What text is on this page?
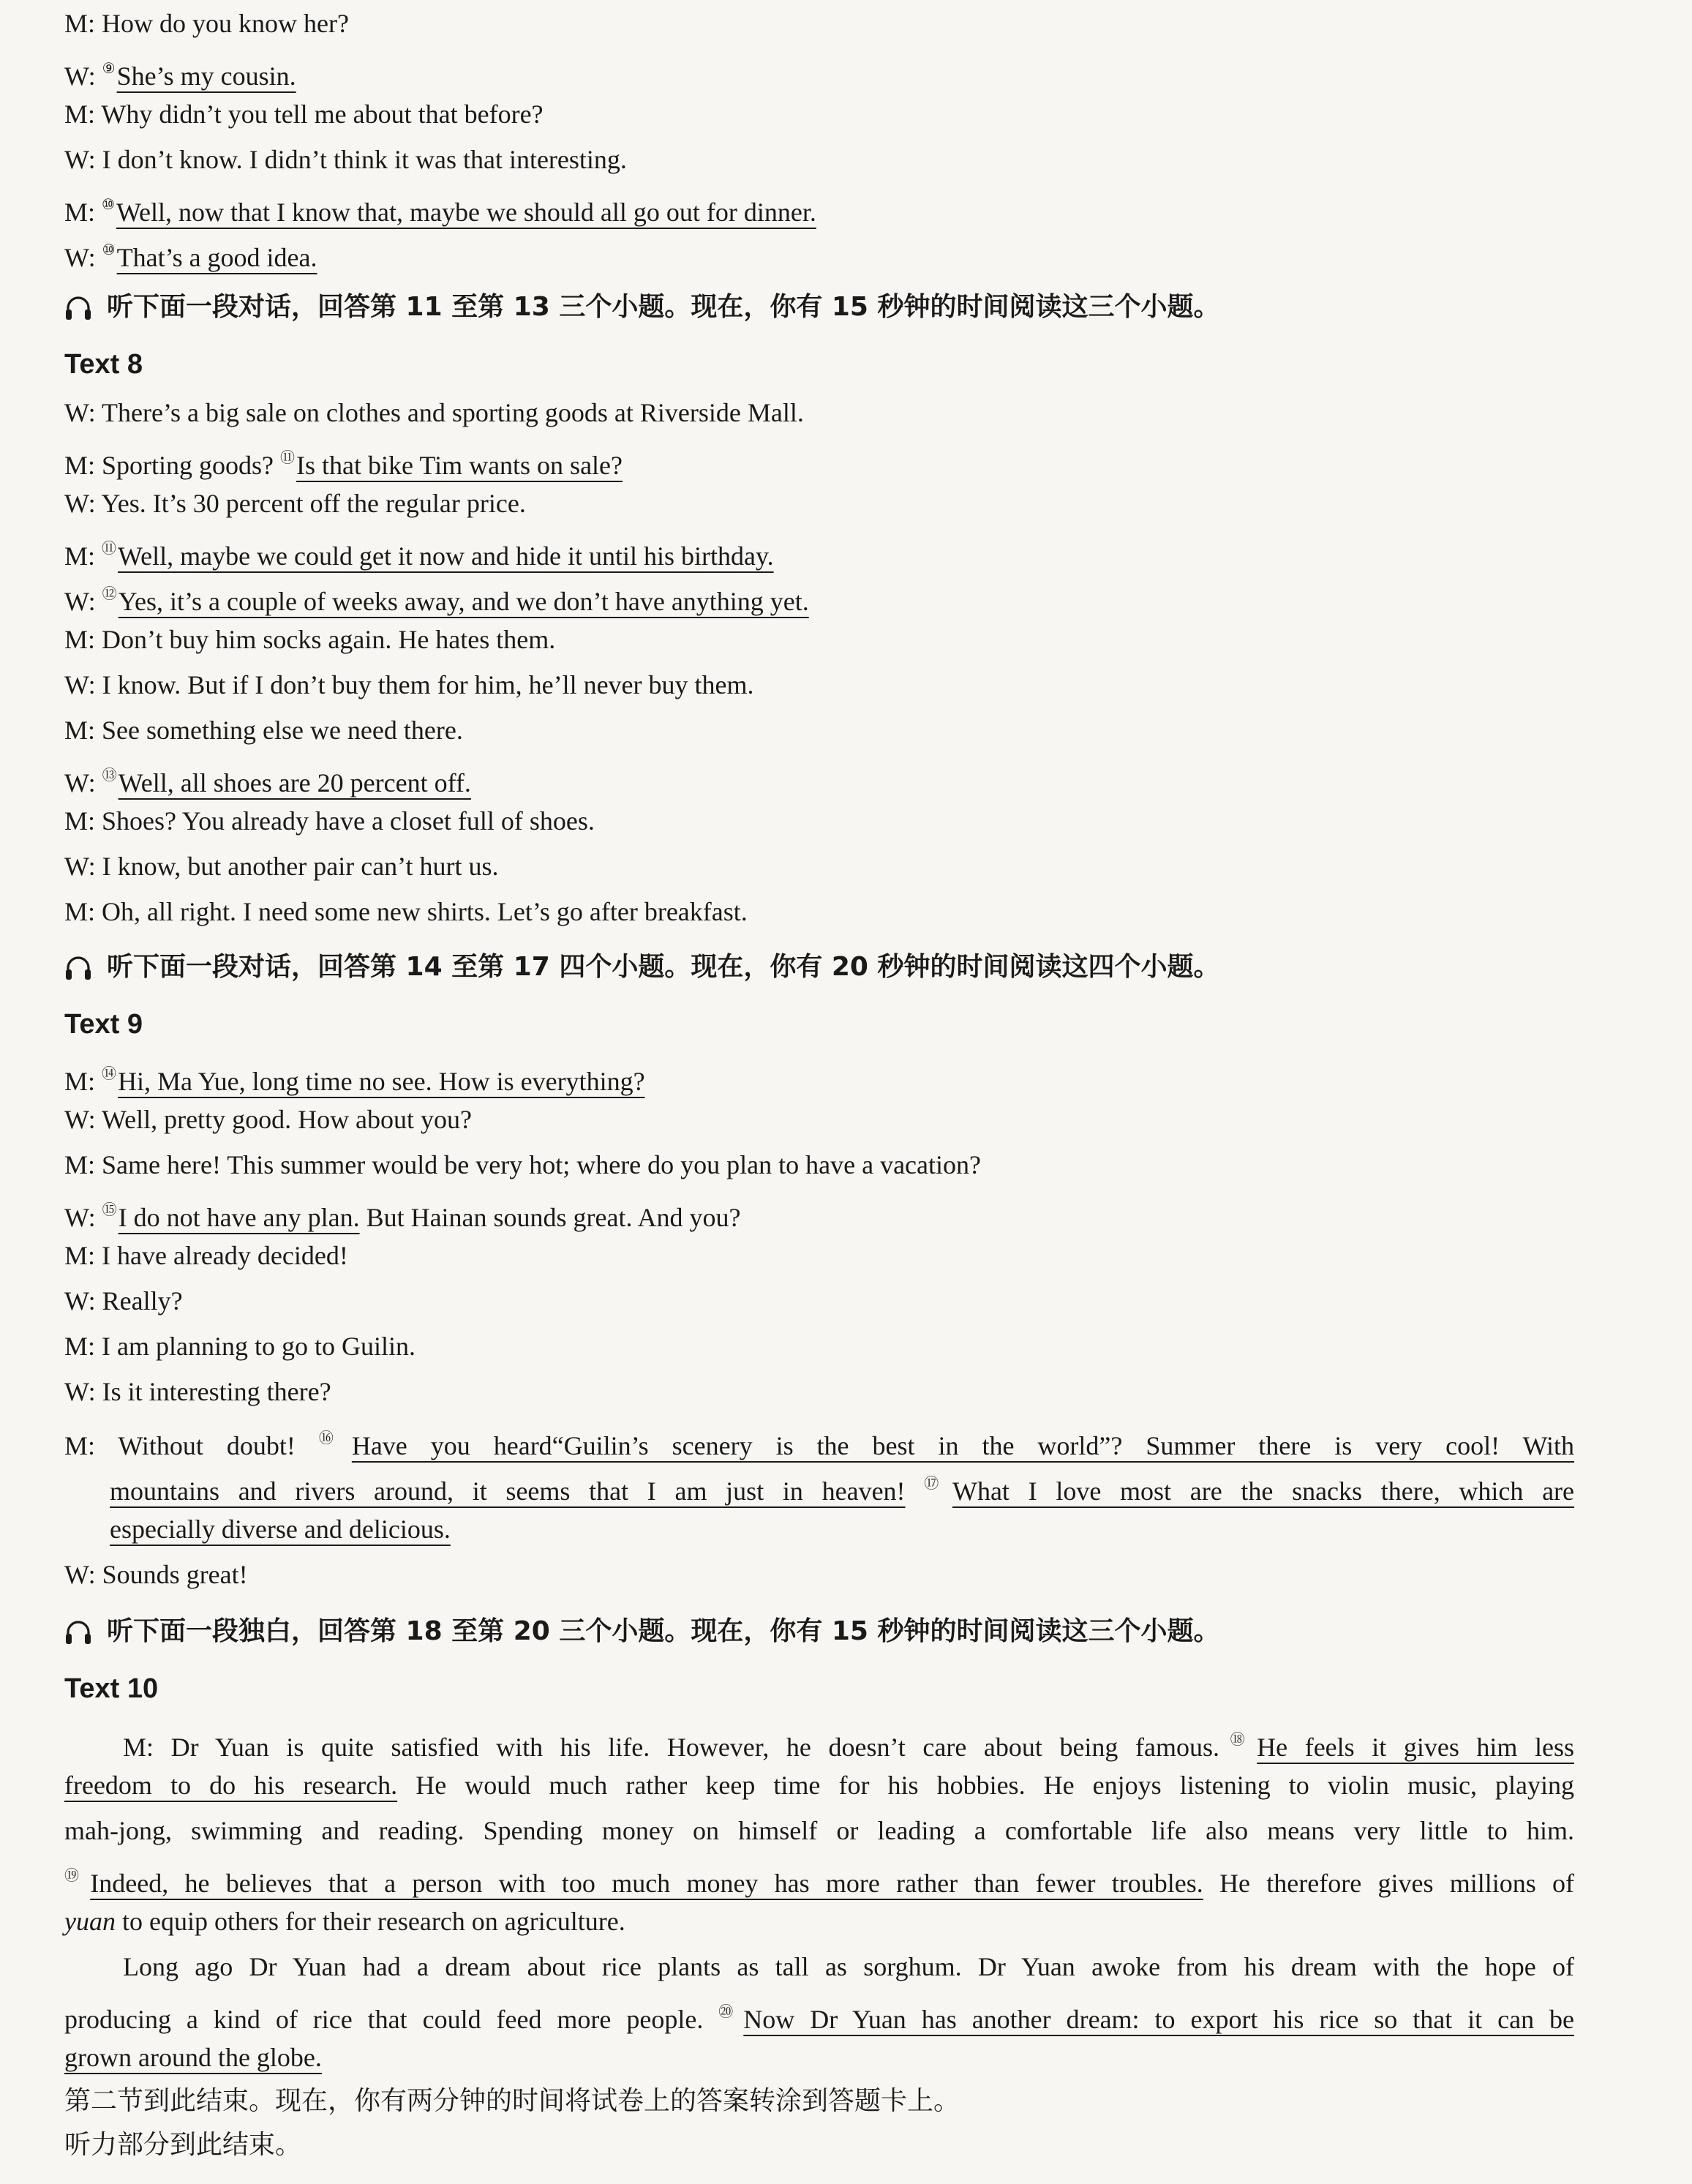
M: How do you know her?
W: ⑨She’s my cousin.
M: Why didn’t you tell me about that before?
W: I don’t know. I didn’t think it was that interesting.
M: ⑩Well, now that I know that, maybe we should all go out for dinner.
W: ⑩That’s a good idea.
听下面一段对话，回答第 11 至第 13 三个小题。现在，你有 15 秒钟的时间阅读这三个小题。
Text 8
W: There’s a big sale on clothes and sporting goods at Riverside Mall.
M: Sporting goods? ⑪Is that bike Tim wants on sale?
W: Yes. It’s 30 percent off the regular price.
M: ⑪Well, maybe we could get it now and hide it until his birthday.
W: ⑫Yes, it’s a couple of weeks away, and we don’t have anything yet.
M: Don’t buy him socks again. He hates them.
W: I know. But if I don’t buy them for him, he’ll never buy them.
M: See something else we need there.
W: ⑬Well, all shoes are 20 percent off.
M: Shoes? You already have a closet full of shoes.
W: I know, but another pair can’t hurt us.
M: Oh, all right. I need some new shirts. Let’s go after breakfast.
听下面一段对话，回答第 14 至第 17 四个小题。现在，你有 20 秒钟的时间阅读这四个小题。
Text 9
M: ⑭Hi, Ma Yue, long time no see. How is everything?
W: Well, pretty good. How about you?
M: Same here! This summer would be very hot; where do you plan to have a vacation?
W: ⑮I do not have any plan. But Hainan sounds great. And you?
M: I have already decided!
W: Really?
M: I am planning to go to Guilin.
W: Is it interesting there?
M: Without doubt! ⑯Have you heard“Guilin’s scenery is the best in the world”? Summer there is very cool! With
mountains and rivers around, it seems that I am just in heaven! ⑰What I love most are the snacks there, which are
especially diverse and delicious.
W: Sounds great!
听下面一段独白，回答第 18 至第 20 三个小题。现在，你有 15 秒钟的时间阅读这三个小题。
Text 10
M: Dr Yuan is quite satisfied with his life. However, he doesn’t care about being famous.⑱He feels it gives him less
freedom to do his research. He would much rather keep time for his hobbies. He enjoys listening to violin music, playing
mah-jong, swimming and reading. Spending money on himself or leading a comfortable life also means very little to him.
⑲Indeed, he believes that a person with too much money has more rather than fewer troubles. He therefore gives millions of
yuan to equip others for their research on agriculture.
Long ago Dr Yuan had a dream about rice plants as tall as sorghum. Dr Yuan awoke from his dream with the hope of
producing a kind of rice that could feed more people. ⑳Now Dr Yuan has another dream: to export his rice so that it can be
grown around the globe.
第二节到此结束。现在，你有两分钟的时间将试卷上的答案转涂到答题卡上。
听力部分到此结束。
